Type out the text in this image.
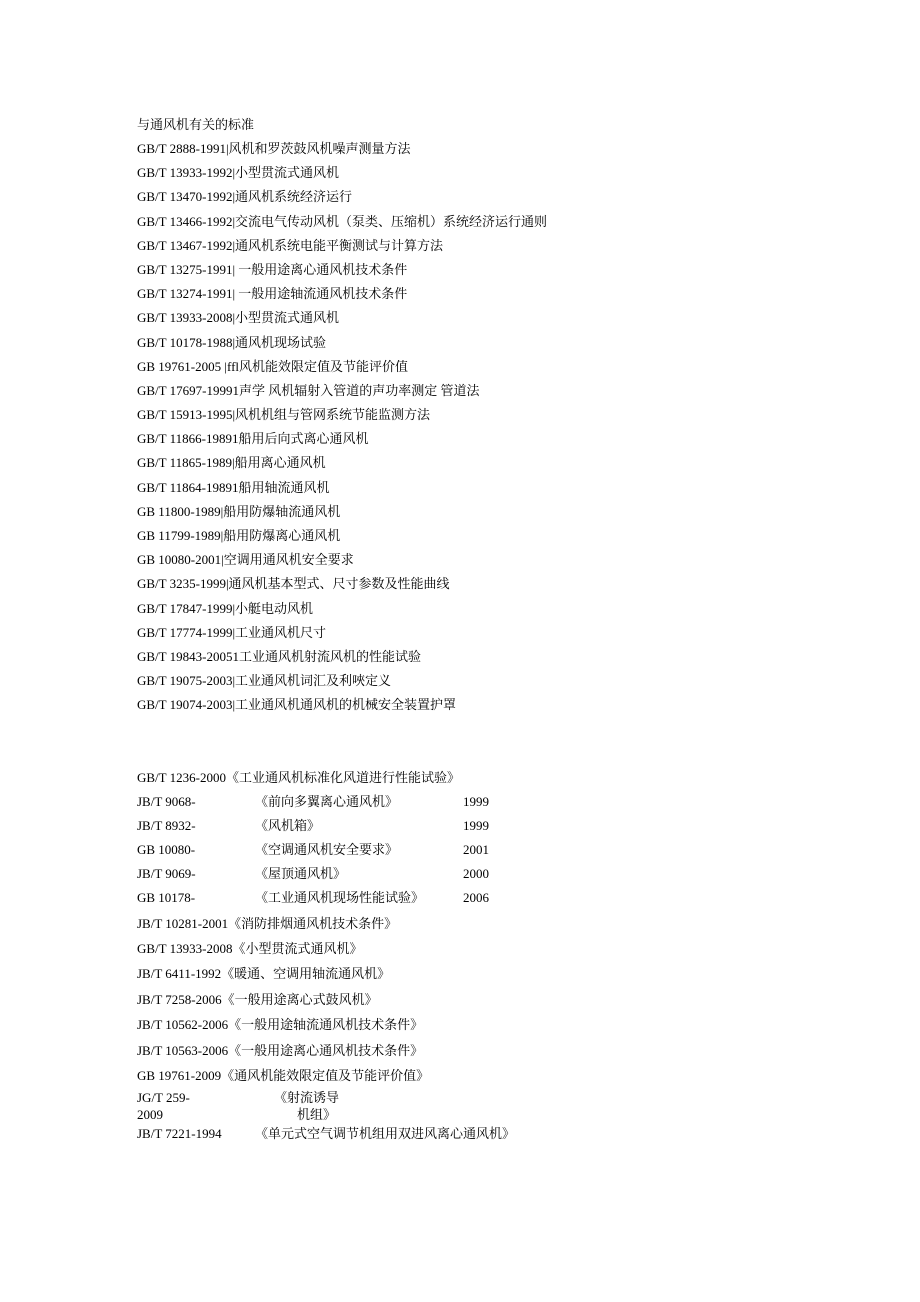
与通风机有关的标准
GB/T 2888-1991|风机和罗茨鼓风机噪声测量方法
GB/T 13933-1992|小型贯流式通风机
GB/T 13470-1992|通风机系统经济运行
GB/T 13466-1992|交流电气传动风机（泵类、压缩机）系统经济运行通则
GB/T 13467-1992|通风机系统电能平衡测试与计算方法
GB/T 13275-1991| 一般用途离心通风机技术条件
GB/T 13274-1991| 一般用途轴流通风机技术条件
GB/T 13933-2008|小型贯流式通风机
GB/T 10178-1988|通风机现场试验
GB 19761-2005 |ffl风机能效限定值及节能评价值
GB/T 17697-19991声学 风机辐射入管道的声功率测定 管道法
GB/T 15913-1995|风机机组与管网系统节能监测方法
GB/T 11866-19891船用后向式离心通风机
GB/T 11865-1989|船用离心通风机
GB/T 11864-19891船用轴流通风机
GB 11800-1989|船用防爆轴流通风机
GB 11799-1989|船用防爆离心通风机
GB 10080-2001|空调用通风机安全要求
GB/T 3235-1999|通风机基本型式、尺寸参数及性能曲线
GB/T 17847-1999|小艇电动风机
GB/T 17774-1999|工业通风机尺寸
GB/T 19843-20051工业通风机射流风机的性能试验
GB/T 19075-2003|工业通风机词汇及利唊定义
GB/T 19074-2003|工业通风机通风机的机械安全装置护罩
GB/T 1236-2000《工业通风机标准化风道进行性能试验》
JB/T 9068-	《前向多翼离心通风机》	1999
JB/T 8932-	《风机箱》	1999
GB 10080-	《空调通风机安全要求》	2001
JB/T 9069-	《屋顶通风机》	2000
GB 10178-	《工业通风机现场性能试验》	2006
JB/T 10281-2001《消防排烟通风机技术条件》
GB/T 13933-2008《小型贯流式通风机》
JB/T 6411-1992《暖通、空调用轴流通风机》
JB/T 7258-2006《一般用途离心式鼓风机》
JB/T 10562-2006《一般用途轴流通风机技术条件》
JB/T 10563-2006《一般用途离心通风机技术条件》
GB 19761-2009《通风机能效限定值及节能评价值》
JG/T 259-	《射流诱导
2009	机组》
JB/T 7221-1994	《单元式空气调节机组用双进风离心通风机》
